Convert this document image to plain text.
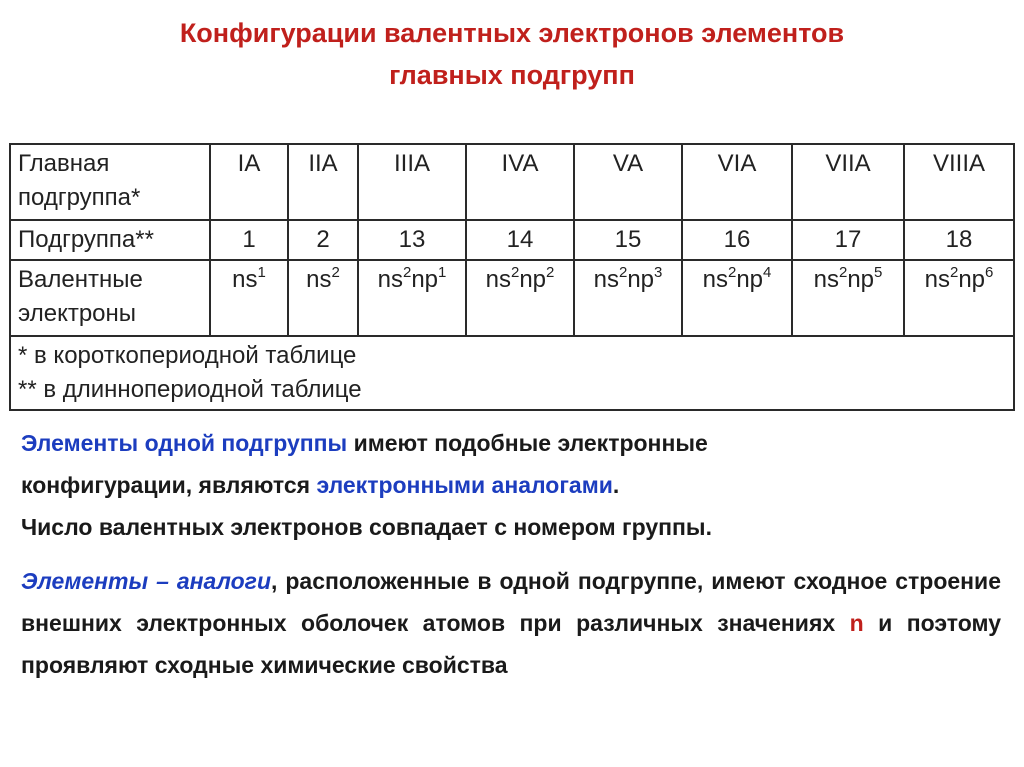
Конфигурации валентных электронов элементов
главных подгрупп
Главная
подгруппа*	IA	IIA	IIIA	IVA	VA	VIA	VIIA	VIIIA
Подгруппа**	1	2	13	14	15	16	17	18
Валентные
электроны	$ns^1$	$ns^2$	$ns^2np^1$	$ns^2np^2$	$ns^2np^3$	$ns^2np^4$	$ns^2np^5$	$ns^2np^6$
* в короткопериодной таблице
** в длиннопериодной таблице								
Элементы одной подгруппы имеют подобные электронные
конфигурации, являются электронными аналогами.
Число валентных электронов совпадает с номером группы.
Элементы – аналоги, расположенные в одной подгруппе, имеют сходное строение внешних электронных оболочек атомов при различных значениях n и поэтому проявляют сходные химические свойства
